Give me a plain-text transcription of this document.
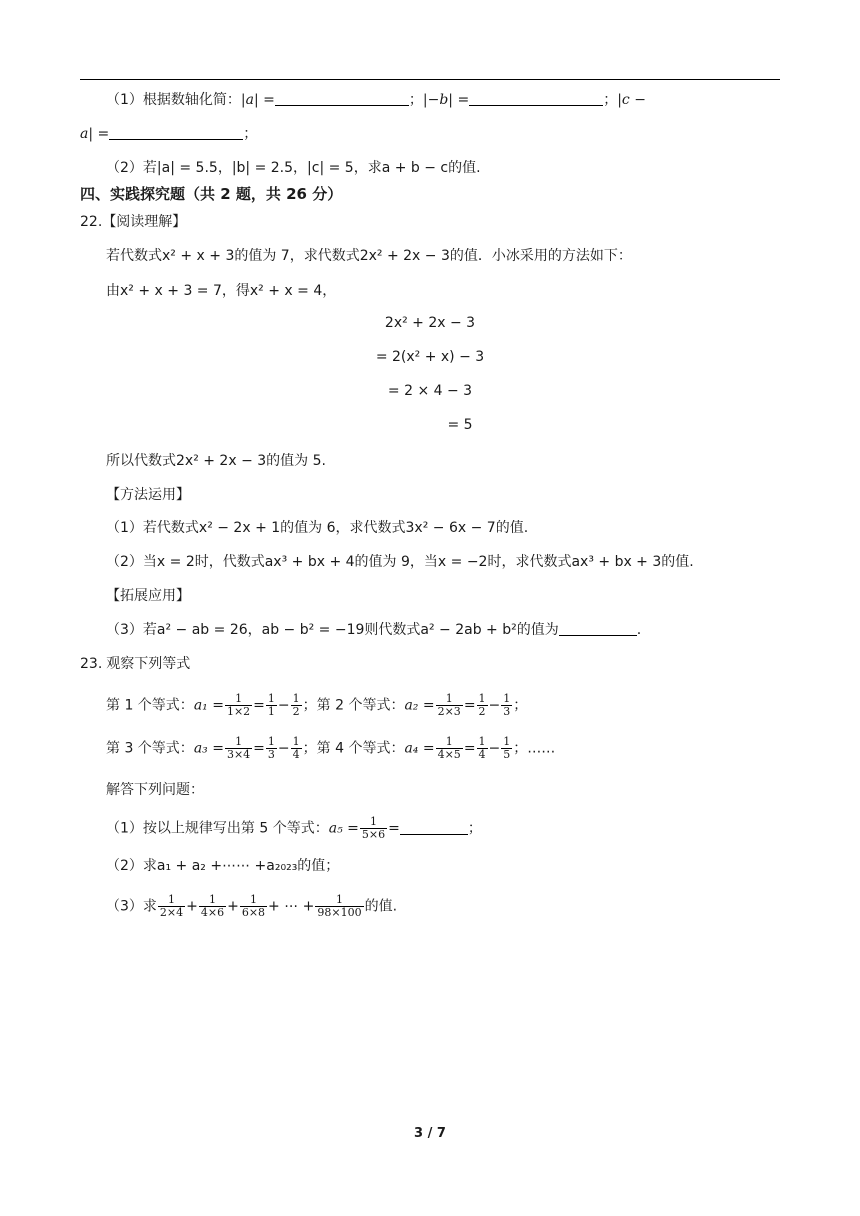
（1）根据数轴化简：|a| =	；|−b| =	；|c −
a| =	；
（2）若|a| = 5.5，|b| = 2.5，|c| = 5，求a + b − c的值.
四、实践探究题（共 2 题，共 26 分）
22.【阅读理解】
若代数式x² + x + 3的值为 7，求代数式2x² + 2x − 3的值．小冰采用的方法如下：
由x² + x + 3 = 7，得x² + x = 4，
2x² + 2x − 3
= 2(x² + x) − 3
= 2 × 4 − 3
= 5
所以代数式2x² + 2x − 3的值为 5.
【方法运用】
（1）若代数式x² − 2x + 1的值为 6，求代数式3x² − 6x − 7的值.
（2）当x = 2时，代数式ax³ + bx + 4的值为 9，当x = −2时，求代数式ax³ + bx + 3的值.
【拓展应用】
（3）若a² − ab = 26，ab − b² = −19则代数式a² − 2ab + b²的值为	.
23. 观察下列等式
第 1 个等式：$a_1 = \frac{1}{1\times 2} = \frac{1}{1} - \frac{1}{2}$ ；第 2 个等式：$a_2 = \frac{1}{2\times 3} = \frac{1}{2} - \frac{1}{3}$ ；
第 3 个等式：$a_3 = \frac{1}{3\times 4} = \frac{1}{3} - \frac{1}{4}$ ；第 4 个等式：$a_4 = \frac{1}{4\times 5} = \frac{1}{4} - \frac{1}{5}$ ；……
解答下列问题：
（1）按以上规律写出第 5 个等式：$a_5 = \frac{1}{5\times 6}$ =	；
（2）求a₁ + a₂ +⋯⋯ +a₂₀₂₃的值；
（3）求 $\frac{1}{2\times 4} + \frac{1}{4\times 6} + \frac{1}{6\times 8}$ + ⋯ + $\frac{1}{98\times 100}$ 的值.
3 / 7
